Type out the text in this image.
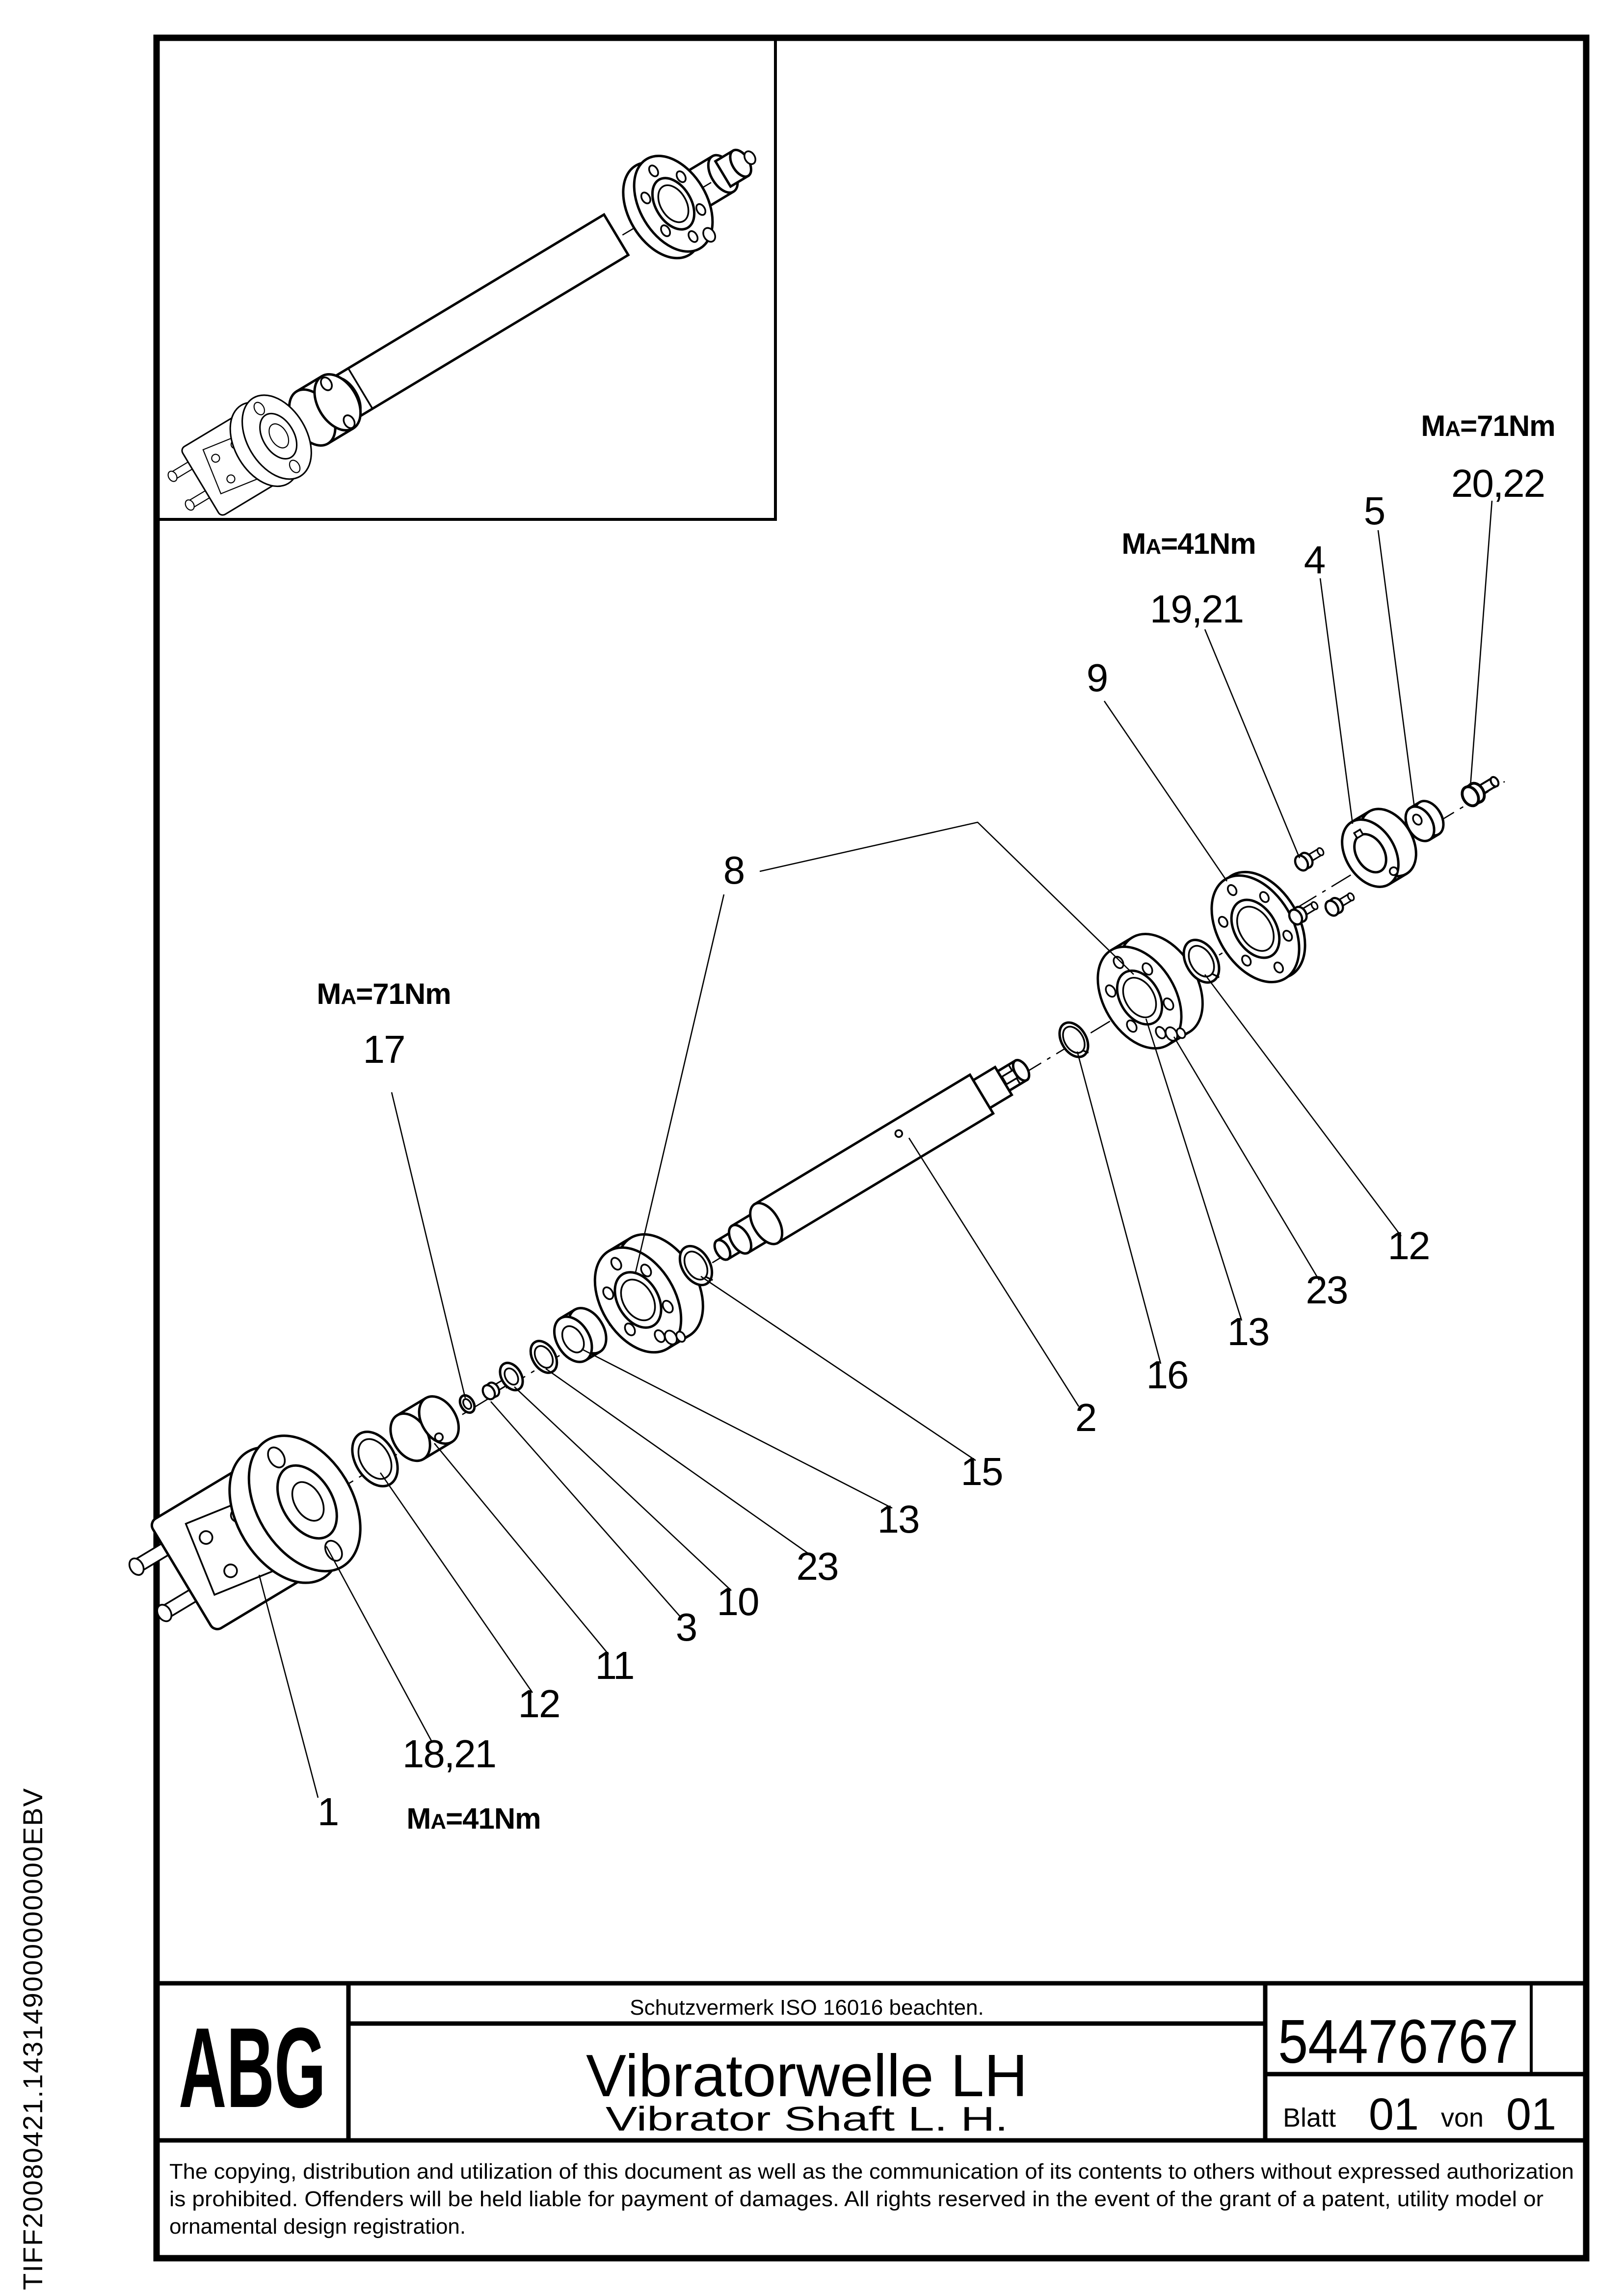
TIFF20080421.143149000000000EBV
8
17
9
19,21
4
5
20,22
1
18,21
12
11
3
10
23
13
15
2
16
13
23
12
MA=71Nm
MA=71Nm
MA=41Nm
MA=41Nm
ABG	Schutzvermerk ISO 16016 beachten.
Vibratorwelle LH
Vibrator Shaft L. H.
54476767
Blatt 01 von 01
The copying, distribution and utilization of this document as well as the communication of its contents to others without expressed authorization
is prohibited. Offenders will be held liable for payment of damages. All rights reserved in the event of the grant of a patent, utility model or
ornamental design registration.
